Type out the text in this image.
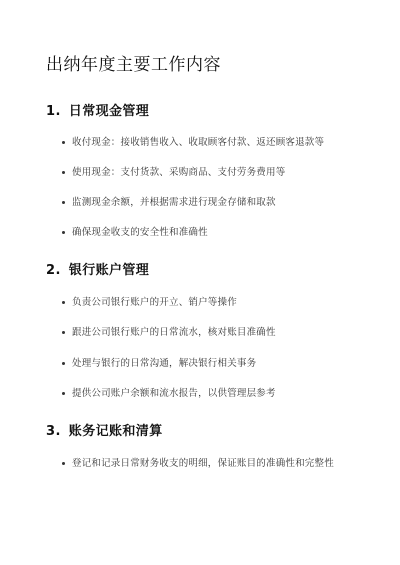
出纳年度主要工作内容
1. 日常现金管理
收付现金：接收销售收入、收取顾客付款、返还顾客退款等
使用现金：支付货款、采购商品、支付劳务费用等
监测现金余额，并根据需求进行现金存储和取款
确保现金收支的安全性和准确性
2. 银行账户管理
负责公司银行账户的开立、销户等操作
跟进公司银行账户的日常流水，核对账目准确性
处理与银行的日常沟通，解决银行相关事务
提供公司账户余额和流水报告，以供管理层参考
3. 账务记账和清算
登记和记录日常财务收支的明细，保证账目的准确性和完整性
